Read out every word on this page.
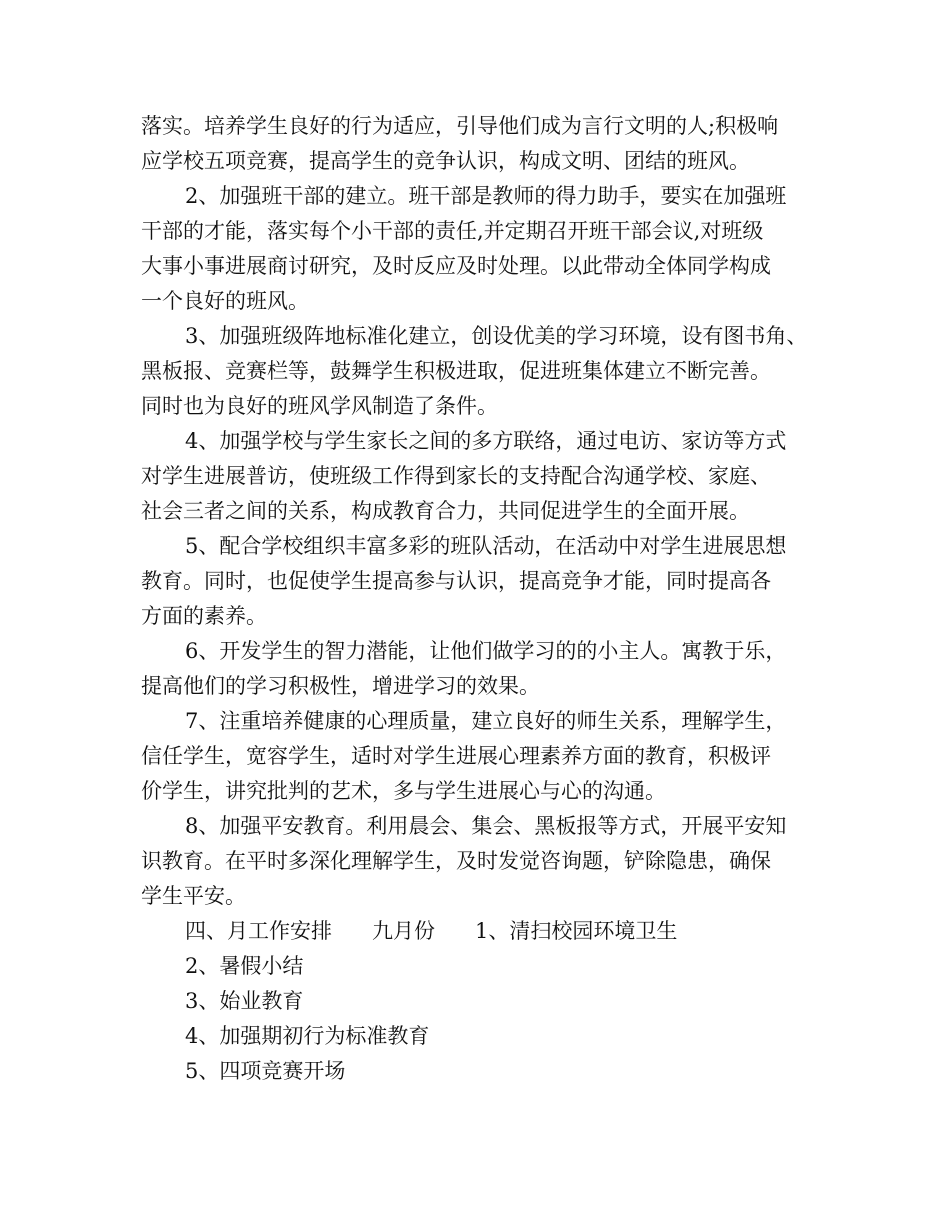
落实。培养学生良好的行为适应，引导他们成为言行文明的人;积极响
应学校五项竞赛，提高学生的竞争认识，构成文明、团结的班风。

2、加强班干部的建立。班干部是教师的得力助手，要实在加强班
干部的才能，落实每个小干部的责任,并定期召开班干部会议,对班级
大事小事进展商讨研究，及时反应及时处理。以此带动全体同学构成
一个良好的班风。

3、加强班级阵地标准化建立，创设优美的学习环境，设有图书角、
黑板报、竞赛栏等，鼓舞学生积极进取，促进班集体建立不断完善。
同时也为良好的班风学风制造了条件。

4、加强学校与学生家长之间的多方联络，通过电访、家访等方式
对学生进展普访，使班级工作得到家长的支持配合沟通学校、家庭、
社会三者之间的关系，构成教育合力，共同促进学生的全面开展。

5、配合学校组织丰富多彩的班队活动，在活动中对学生进展思想
教育。同时，也促使学生提高参与认识，提高竞争才能，同时提高各
方面的素养。

6、开发学生的智力潜能，让他们做学习的的小主人。寓教于乐，
提高他们的学习积极性，增进学习的效果。

7、注重培养健康的心理质量，建立良好的师生关系，理解学生，
信任学生，宽容学生，适时对学生进展心理素养方面的教育，积极评
价学生，讲究批判的艺术，多与学生进展心与心的沟通。

8、加强平安教育。利用晨会、集会、黑板报等方式，开展平安知
识教育。在平时多深化理解学生，及时发觉咨询题，铲除隐患，确保
学生平安。

四、月工作安排 九月份 1、清扫校园环境卫生
2、暑假小结
3、始业教育
4、加强期初行为标准教育
5、四项竞赛开场
